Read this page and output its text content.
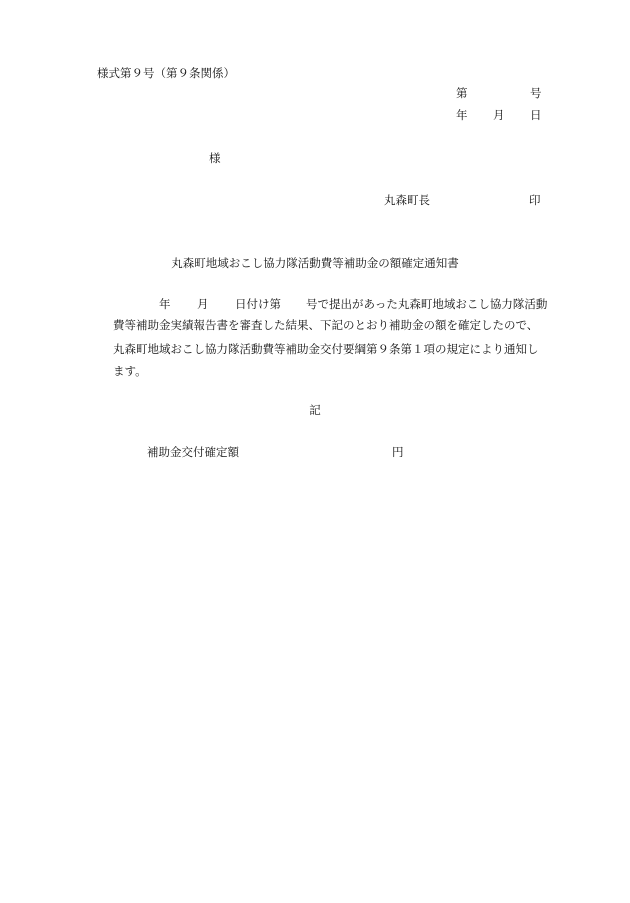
様式第９号（第９条関係）
第	号
年 月 日
様
丸森町長	印
丸森町地域おこし協力隊活動費等補助金の額確定通知書
年 月 日付け第 号で提出があった丸森町地域おこし協力隊活動
費等補助金実績報告書を審査した結果、下記のとおり補助金の額を確定したので、
丸森町地域おこし協力隊活動費等補助金交付要綱第９条第１項の規定により通知し
ます。
記
補助金交付確定額	円
